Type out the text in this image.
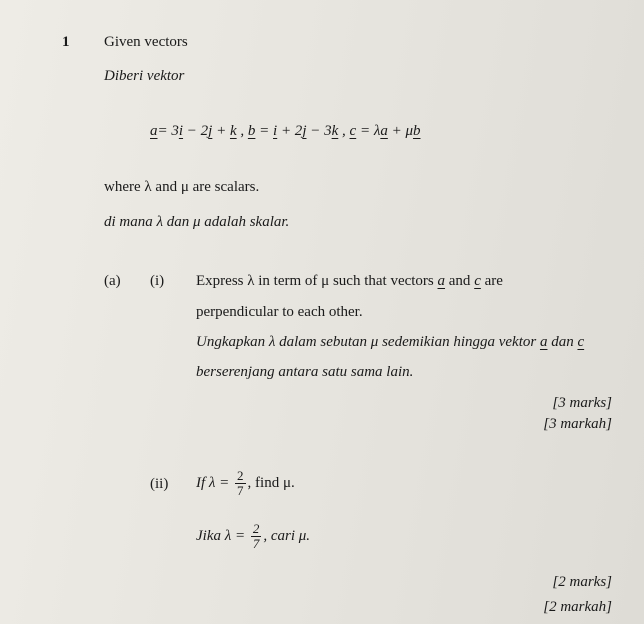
1 Given vectors
Diberi vektor
a= 3i − 2j + k , b = i + 2j − 3k , c = λa + μb
where λ and μ are scalars.
di mana λ dan μ adalah skalar.
(a) (i) Express λ in term of μ such that vectors a and c are
perpendicular to each other.
Ungkapkan λ dalam sebutan μ sedemikian hingga vektor a dan c
berserenjang antara satu sama lain.
[3 marks]
[3 markah]
(ii) If $\lambda = \frac{2}{7}$ , find μ.
Jika $\lambda = \frac{2}{7}$ , cari μ.
[2 marks]
[2 markah]
